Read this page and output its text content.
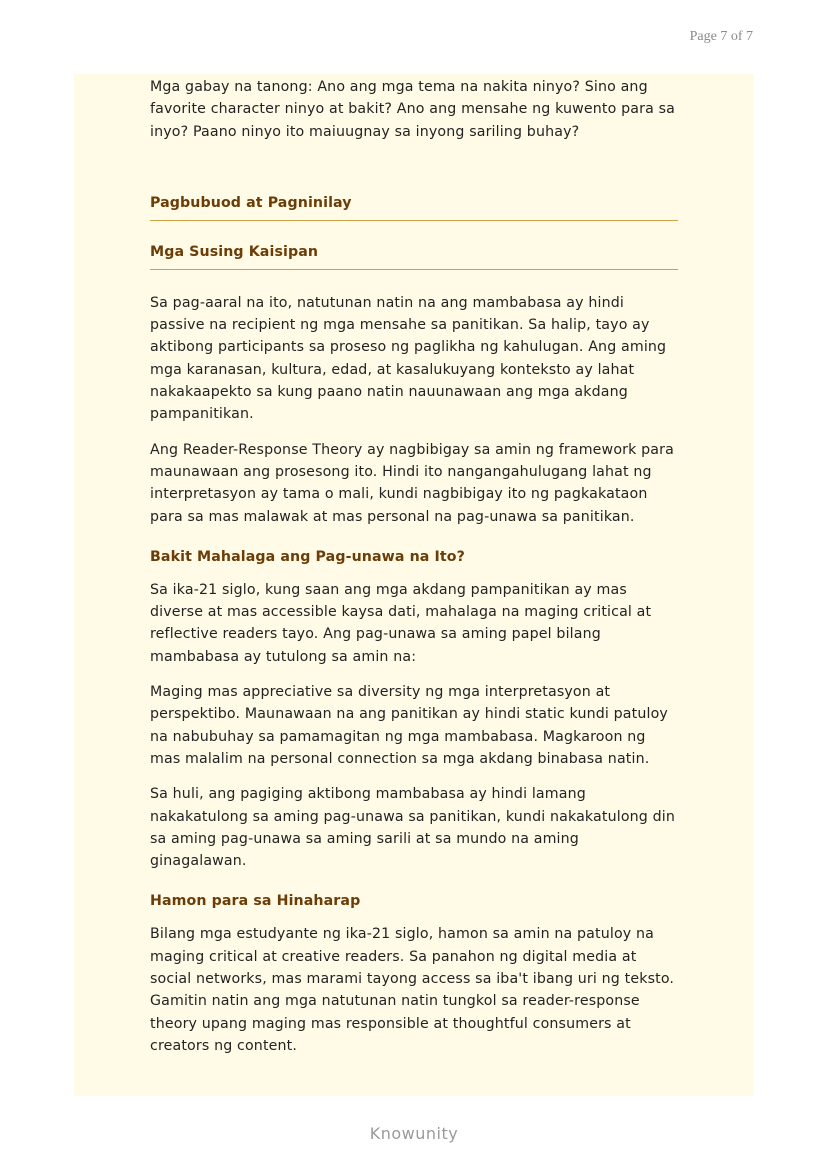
Page 7 of 7

Mga gabay na tanong: Ano ang mga tema na nakita ninyo? Sino ang favorite character ninyo at bakit? Ano ang mensahe ng kuwento para sa inyo? Paano ninyo ito maiuugnay sa inyong sariling buhay?

Pagbubuod at Pagninilay
Mga Susing Kaisipan

Sa pag-aaral na ito, natutunan natin na ang mambabasa ay hindi passive na recipient ng mga mensahe sa panitikan. Sa halip, tayo ay aktibong participants sa proseso ng paglikha ng kahulugan. Ang aming mga karanasan, kultura, edad, at kasalukuyang konteksto ay lahat nakakaapekto sa kung paano natin nauunawaan ang mga akdang pampanitikan.

Ang Reader-Response Theory ay nagbibigay sa amin ng framework para maunawaan ang prosesong ito. Hindi ito nangangahulugang lahat ng interpretasyon ay tama o mali, kundi nagbibigay ito ng pagkakataon para sa mas malawak at mas personal na pag-unawa sa panitikan.

Bakit Mahalaga ang Pag-unawa na Ito?

Sa ika-21 siglo, kung saan ang mga akdang pampanitikan ay mas diverse at mas accessible kaysa dati, mahalaga na maging critical at reflective readers tayo. Ang pag-unawa sa aming papel bilang mambabasa ay tutulong sa amin na:

Maging mas appreciative sa diversity ng mga interpretasyon at perspektibo. Maunawaan na ang panitikan ay hindi static kundi patuloy na nabubuhay sa pamamagitan ng mga mambabasa. Magkaroon ng mas malalim na personal connection sa mga akdang binabasa natin.

Sa huli, ang pagiging aktibong mambabasa ay hindi lamang nakakatulong sa aming pag-unawa sa panitikan, kundi nakakatulong din sa aming pag-unawa sa aming sarili at sa mundo na aming ginagalawan.

Hamon para sa Hinaharap

Bilang mga estudyante ng ika-21 siglo, hamon sa amin na patuloy na maging critical at creative readers. Sa panahon ng digital media at social networks, mas marami tayong access sa iba't ibang uri ng teksto. Gamitin natin ang mga natutunan natin tungkol sa reader-response theory upang maging mas responsible at thoughtful consumers at creators ng content.

Knowunity
